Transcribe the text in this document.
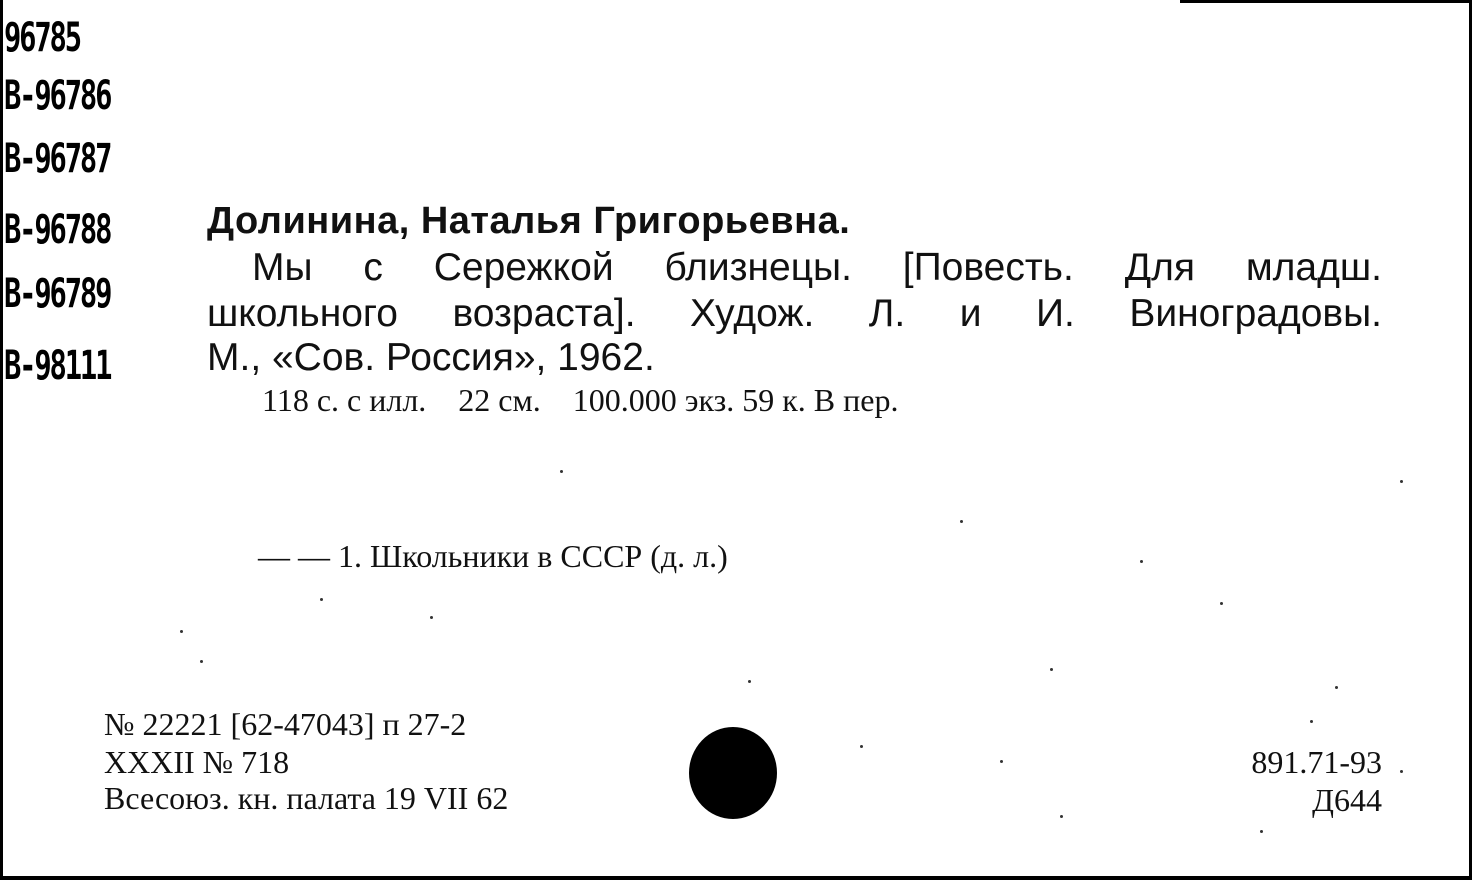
96785
В-96786
В-96787
В-96788
В-96789
В-98111
Долинина, Наталья Григорьевна.
Мы с Сережкой близнецы. [Повесть. Для младш.
школьного возраста]. Худож. Л. и И. Виноградовы.
М., «Сов. Россия», 1962.
118 с. с илл.    22 см.    100.000 экз. 59 к. В пер.
— — 1. Школьники в СССР (д. л.)
№ 22221 [62-47043] п 27-2
XXXII № 718
Всесоюз. кн. палата 19 VII 62
891.71-93
Д644
